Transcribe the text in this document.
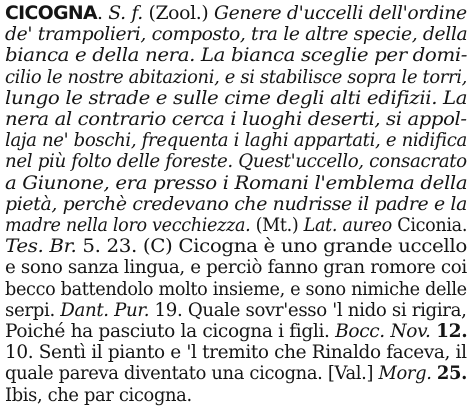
CICOGNA. S. f. (Zool.) Genere d'uccelli dell'ordine
de' trampolieri, composto, tra le altre specie, della
bianca e della nera. La bianca sceglie per domi-
cilio le nostre abitazioni, e si stabilisce sopra le torri,
lungo le strade e sulle cime degli alti edifizii. La
nera al contrario cerca i luoghi deserti, si appol-
laja ne' boschi, frequenta i laghi appartati, e nidifica
nel più folto delle foreste. Quest'uccello, consacrato
a Giunone, era presso i Romani l'emblema della
pietà, perchè credevano che nudrisse il padre e la
madre nella loro vecchiezza. (Mt.) Lat. aureo Ciconia.
Tes. Br. 5. 23. (C) Cicogna è uno grande uccello
e sono sanza lingua, e perciò fanno gran romore coi
becco battendolo molto insieme, e sono nimiche delle
serpi. Dant. Pur. 19. Quale sovr'esso 'l nido si rigira,
Poiché ha pasciuto la cicogna i figli. Bocc. Nov. 12.
10. Sentì il pianto e 'l tremito che Rinaldo faceva, il
quale pareva diventato una cicogna. [Val.] Morg. 25.
Ibis, che par cicogna.
